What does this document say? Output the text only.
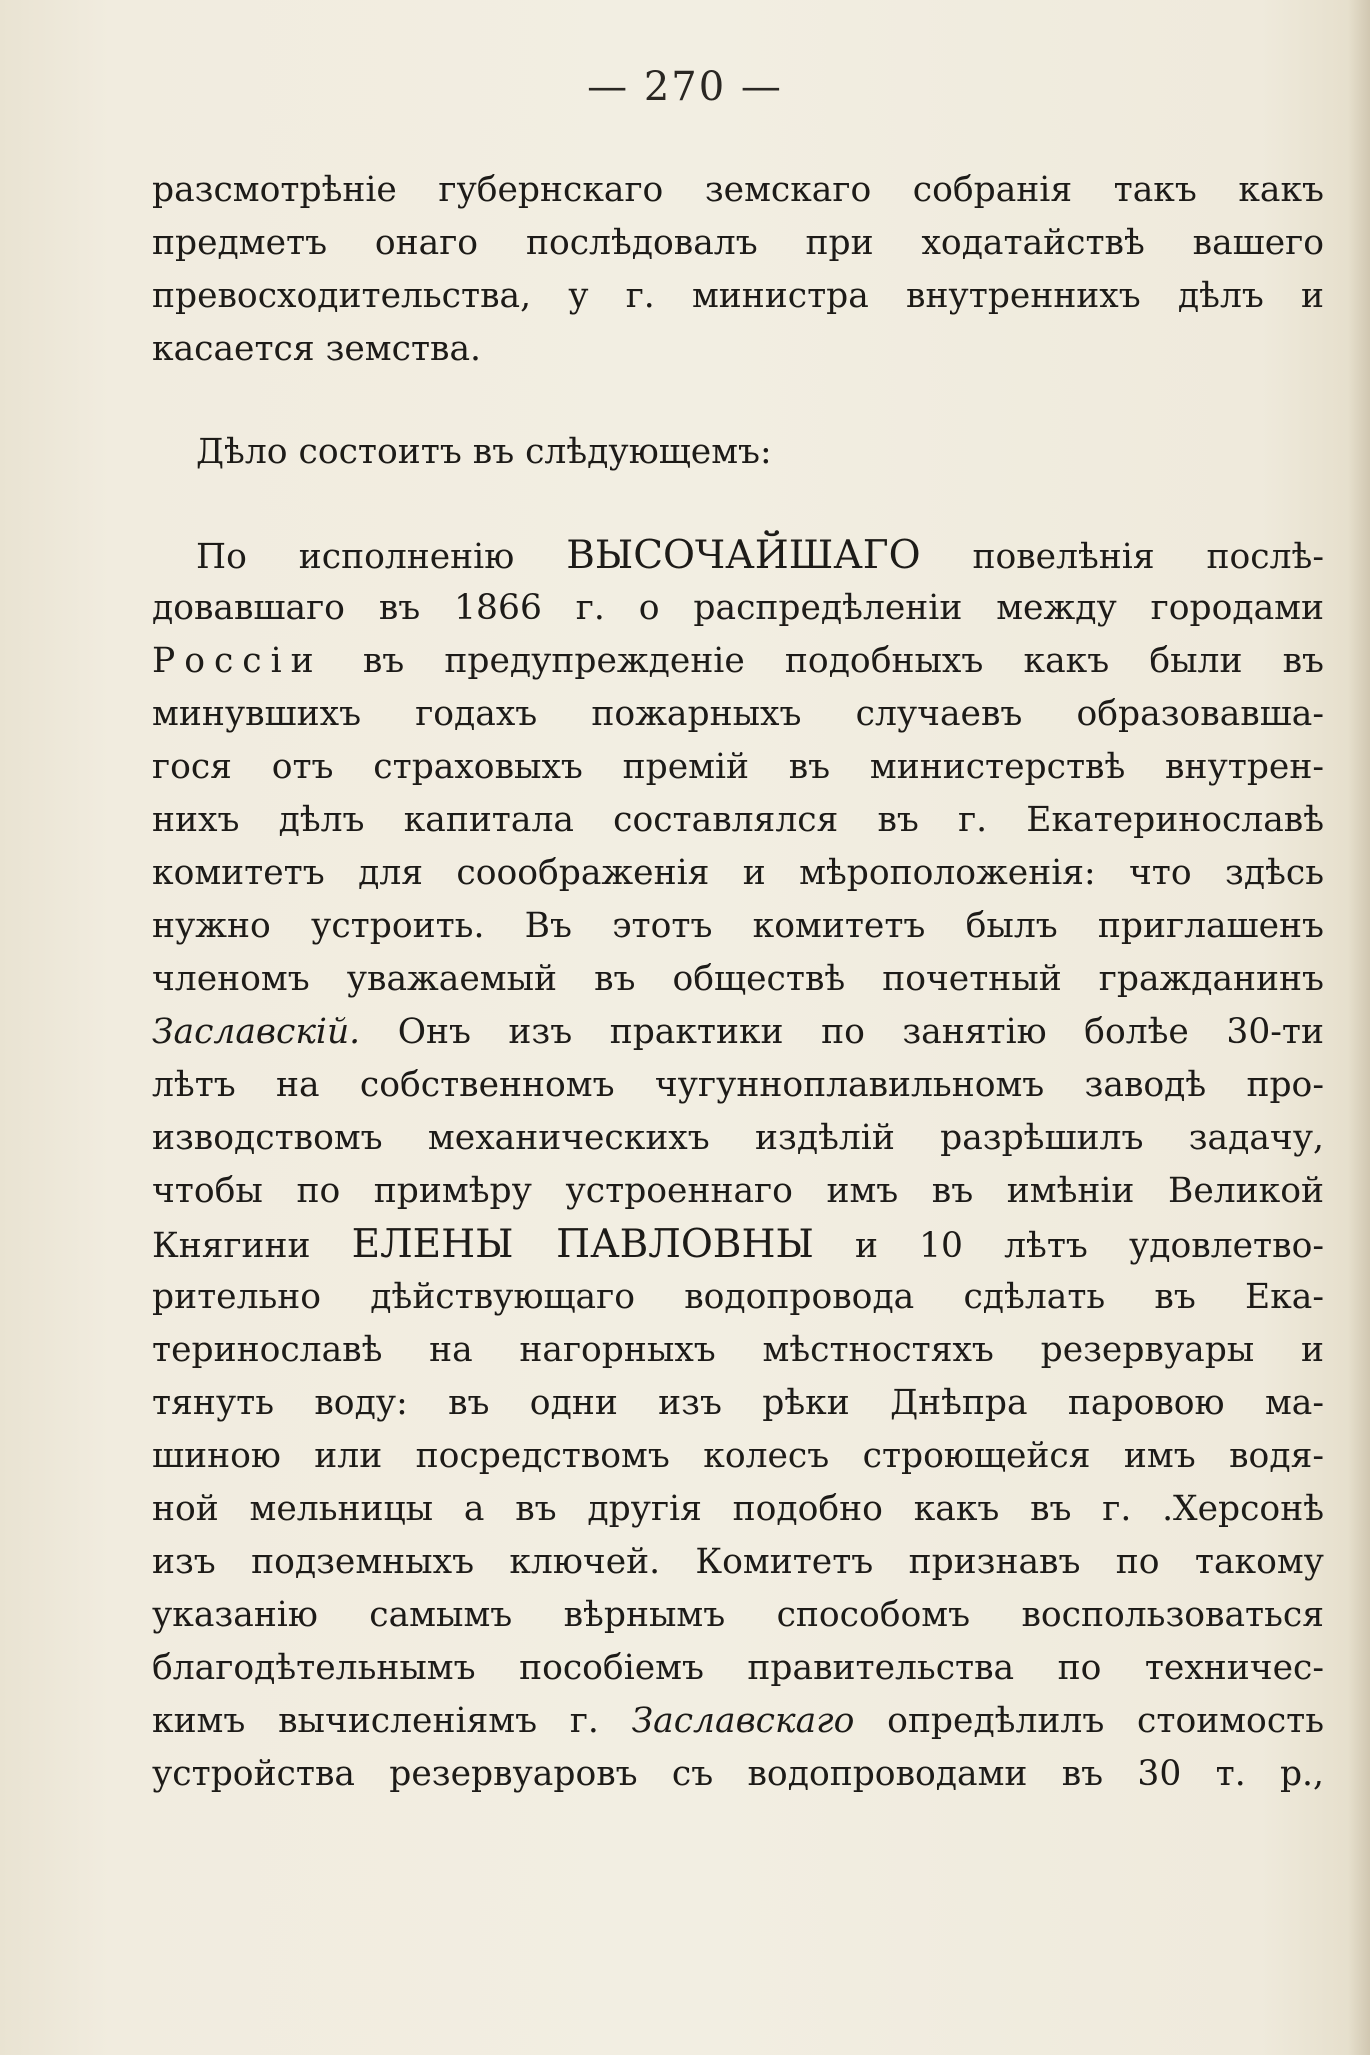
— 270 —
разсмотрѣніе губернскаго земскаго собранія такъ какъ
предметъ онаго послѣдовалъ при ходатайствѣ вашего
превосходительства, у г. министра внутреннихъ дѣлъ и
касается земства.
Дѣло состоитъ въ слѣдующемъ:
По исполненію ВЫСОЧАЙШАГО повелѣнія послѣ-
довавшаго въ 1866 г. о распредѣленіи между городами
Россіи въ предупрежденіе подобныхъ какъ были въ
минувшихъ годахъ пожарныхъ случаевъ образовавша-
гося отъ страховыхъ премій въ министерствѣ внутрен-
нихъ дѣлъ капитала составлялся въ г. Екатеринославѣ
комитетъ для сооображенія и мѣроположенія: что здѣсь
нужно устроить. Въ этотъ комитетъ былъ приглашенъ
членомъ уважаемый въ обществѣ почетный гражданинъ
Заславскій. Онъ изъ практики по занятію болѣе 30-ти
лѣтъ на собственномъ чугунноплавильномъ заводѣ про-
изводствомъ механическихъ издѣлій разрѣшилъ задачу,
чтобы по примѣру устроеннаго имъ въ имѣніи Великой
Княгини ЕЛЕНЫ ПАВЛОВНЫ и 10 лѣтъ удовлетво-
рительно дѣйствующаго водопровода сдѣлать въ Ека-
теринославѣ на нагорныхъ мѣстностяхъ резервуары и
тянуть воду: въ одни изъ рѣки Днѣпра паровою ма-
шиною или посредствомъ колесъ строющейся имъ водя-
ной мельницы а въ другія подобно какъ въ г. .Херсонѣ
изъ подземныхъ ключей. Комитетъ признавъ по такому
указанію самымъ вѣрнымъ способомъ воспользоваться
благодѣтельнымъ пособіемъ правительства по техничес-
кимъ вычисленіямъ г. Заславскаго опредѣлилъ стоимость
устройства резервуаровъ съ водопроводами въ 30 т. р.,
